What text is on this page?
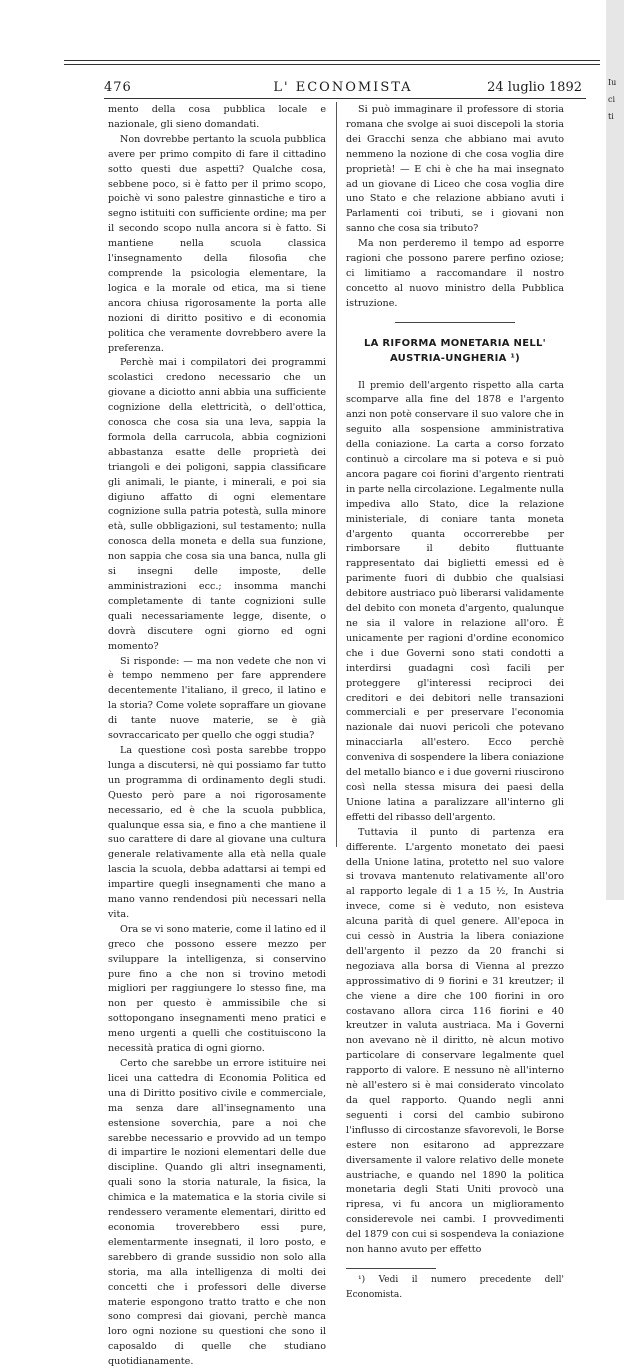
Iu
ci
ti
476	L' ECONOMISTA	24 luglio 1892

mento della cosa pubblica locale e nazionale, gli sieno domandati.

Non dovrebbe pertanto la scuola pubblica avere per primo compito di fare il cittadino sotto questi due aspetti? Qualche cosa, sebbene poco, si è fatto per il primo scopo, poichè vi sono palestre ginnastiche e tiro a segno istituiti con sufficiente ordine; ma per il secondo scopo nulla ancora si è fatto. Si mantiene nella scuola classica l'insegnamento della filosofia che comprende la psicologia elementare, la logica e la morale od etica, ma si tiene ancora chiusa rigorosamente la porta alle nozioni di diritto positivo e di economia politica che veramente dovrebbero avere la preferenza.

Perchè mai i compilatori dei programmi scolastici credono necessario che un giovane a diciotto anni abbia una sufficiente cognizione della elettricità, o dell'ottica, conosca che cosa sia una leva, sappia la formola della carrucola, abbia cognizioni abbastanza esatte delle proprietà dei triangoli e dei poligoni, sappia classificare gli animali, le piante, i minerali, e poi sia digiuno affatto di ogni elementare cognizione sulla patria potestà, sulla minore età, sulle obbligazioni, sul testamento; nulla conosca della moneta e della sua funzione, non sappia che cosa sia una banca, nulla gli si insegni delle imposte, delle amministrazioni ecc.; insomma manchi completamente di tante cognizioni sulle quali necessariamente legge, disente, o dovrà discutere ogni giorno ed ogni momento?

Si risponde: — ma non vedete che non vi è tempo nemmeno per fare apprendere decentemente l'italiano, il greco, il latino e la storia? Come volete sopraffare un giovane di tante nuove materie, se è già sovraccaricato per quello che oggi studia?

La questione così posta sarebbe troppo lunga a discutersi, nè qui possiamo far tutto un programma di ordinamento degli studi. Questo però pare a noi rigorosamente necessario, ed è che la scuola pubblica, qualunque essa sia, e fino a che mantiene il suo carattere di dare al giovane una cultura generale relativamente alla età nella quale lascia la scuola, debba adattarsi ai tempi ed impartire quegli insegnamenti che mano a mano vanno rendendosi più necessari nella vita.

Ora se vi sono materie, come il latino ed il greco che possono essere mezzo per sviluppare la intelligenza, si conservino pure fino a che non si trovino metodi migliori per raggiungere lo stesso fine, ma non per questo è ammissibile che si sottopongano insegnamenti meno pratici e meno urgenti a quelli che costituiscono la necessità pratica di ogni giorno.

Certo che sarebbe un errore istituire nei licei una cattedra di Economia Politica ed una di Diritto positivo civile e commerciale, ma senza dare all'insegnamento una estensione soverchia, pare a noi che sarebbe necessario e provvido ad un tempo di impartire le nozioni elementari delle due discipline. Quando gli altri insegnamenti, quali sono la storia naturale, la fisica, la chimica e la matematica e la storia civile si rendessero veramente elementari, diritto ed economia troverebbero essi pure, elementarmente insegnati, il loro posto, e sarebbero di grande sussidio non solo alla storia, ma alla intelligenza di molti dei concetti che i professori delle diverse materie espongono tratto tratto e che non sono compresi dai giovani, perchè manca loro ogni nozione su questioni che sono il caposaldo di quelle che studiano quotidianamente.

Si può immaginare il professore di storia romana che svolge ai suoi discepoli la storia dei Gracchi senza che abbiano mai avuto nemmeno la nozione di che cosa voglia dire proprietà! — E chi è che ha mai insegnato ad un giovane di Liceo che cosa voglia dire uno Stato e che relazione abbiano avuti i Parlamenti coi tributi, se i giovani non sanno che cosa sia tributo?

Ma non perderemo il tempo ad esporre ragioni che possono parere perfino oziose; ci limitiamo a raccomandare il nostro concetto al nuovo ministro della Pubblica istruzione.

LA RIFORMA MONETARIA NELL' AUSTRIA-UNGHERIA ¹)

Il premio dell'argento rispetto alla carta scomparve alla fine del 1878 e l'argento anzi non potè conservare il suo valore che in seguito alla sospensione amministrativa della coniazione. La carta a corso forzato continuò a circolare ma si poteva e si può ancora pagare coi fiorini d'argento rientrati in parte nella circolazione. Legalmente nulla impediva allo Stato, dice la relazione ministeriale, di coniare tanta moneta d'argento quanta occorrerebbe per rimborsare il debito fluttuante rappresentato dai biglietti emessi ed è parimente fuori di dubbio che qualsiasi debitore austriaco può liberarsi validamente del debito con moneta d'argento, qualunque ne sia il valore in relazione all'oro. È unicamente per ragioni d'ordine economico che i due Governi sono stati condotti a interdirsi guadagni così facili per proteggere gl'interessi reciproci dei creditori e dei debitori nelle transazioni commerciali e per preservare l'economia nazionale dai nuovi pericoli che potevano minacciarla all'estero. Ecco perchè convenivа di sospendere la libera coniazione del metallo bianco e i due governi riuscirono così nella stessa misura dei paesi della Unione latina a paralizzare all'interno gli effetti del ribasso dell'argento.

Tuttavia il punto di partenza era differente. L'argento monetato dei paesi della Unione latina, protetto nel suo valore si trovava mantenuto relativamente all'oro al rapporto legale di 1 a 15 ½, In Austria invece, come si è veduto, non esisteva alcuna parità di quel genere. All'epoca in cui cessò in Austria la libera coniazione dell'argento il pezzo da 20 franchi si negoziava alla borsa di Vienna al prezzo approssimativo di 9 fiorini e 31 kreutzer; il che viene a dire che 100 fiorini in oro costavano allora circa 116 fiorini e 40 kreutzer in valuta austriaca. Ma i Governi non avevano nè il diritto, nè alcun motivo particolare di conservare legalmente quel rapporto di valore. E nessuno nè all'interno nè all'estero si è mai considerato vincolato da quel rapporto. Quando negli anni seguenti i corsi del cambio subirono l'influsso di circostanze sfavorevoli, le Borse estere non esitarono ad apprezzare diversamente il valore relativo delle monete austriache, e quando nel 1890 la politica monetaria degli Stati Uniti provocò una ripresa, vi fu ancora un miglioramento considerevole nei cambi. I provvedimenti del 1879 con cui si sospendeva la coniazione non hanno avuto per effetto

¹) Vedi il numero precedente dell' Economista.
